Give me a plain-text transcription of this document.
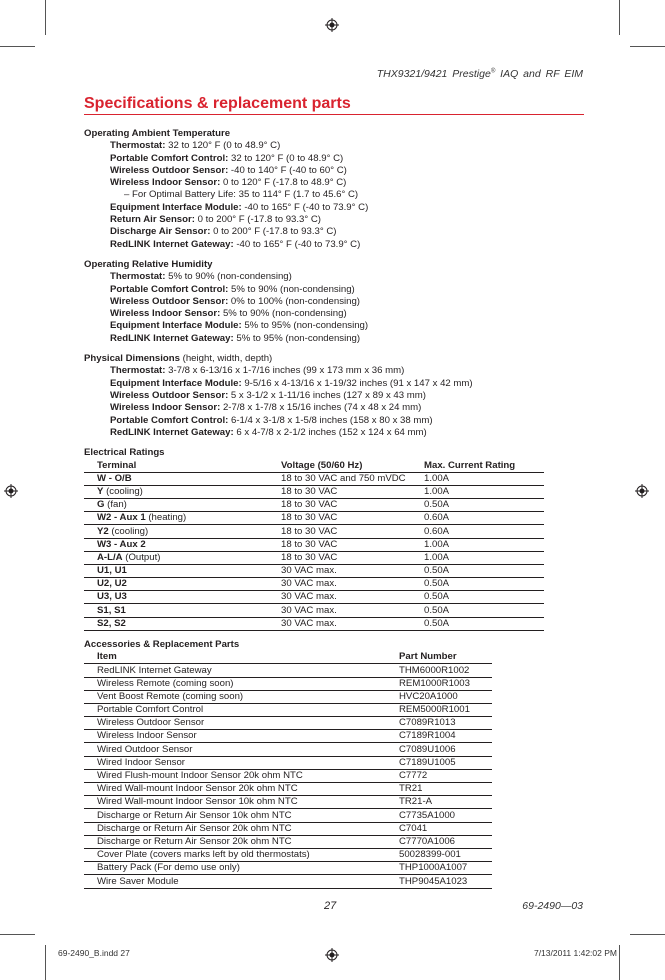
THX9321/9421 Prestige® IAQ and RF EIM
Specifications & replacement parts
Operating Ambient Temperature
Thermostat: 32 to 120° F (0 to 48.9° C)
Portable Comfort Control: 32 to 120° F (0 to 48.9° C)
Wireless Outdoor Sensor: -40 to 140° F (-40 to 60° C)
Wireless Indoor Sensor: 0 to 120° F (-17.8 to 48.9° C)
– For Optimal Battery Life: 35 to 114° F (1.7 to 45.6° C)
Equipment Interface Module: -40 to 165° F (-40 to 73.9° C)
Return Air Sensor: 0 to 200° F (-17.8 to 93.3° C)
Discharge Air Sensor: 0 to 200° F (-17.8 to 93.3° C)
RedLINK Internet Gateway: -40 to 165° F (-40 to 73.9° C)
Operating Relative Humidity
Thermostat: 5% to 90% (non-condensing)
Portable Comfort Control: 5% to 90% (non-condensing)
Wireless Outdoor Sensor: 0% to 100% (non-condensing)
Wireless Indoor Sensor: 5% to 90% (non-condensing)
Equipment Interface Module: 5% to 95% (non-condensing)
RedLINK Internet Gateway: 5% to 95% (non-condensing)
Physical Dimensions (height, width, depth)
Thermostat: 3-7/8 x 6-13/16 x 1-7/16 inches (99 x 173 mm x 36 mm)
Equipment Interface Module: 9-5/16 x 4-13/16 x 1-19/32 inches (91 x 147 x 42 mm)
Wireless Outdoor Sensor: 5 x 3-1/2 x 1-11/16 inches (127 x 89 x 43 mm)
Wireless Indoor Sensor: 2-7/8 x 1-7/8 x 15/16 inches (74 x 48 x 24 mm)
Portable Comfort Control: 6-1/4 x 3-1/8 x 1-5/8 inches (158 x 80 x 38 mm)
RedLINK Internet Gateway: 6 x 4-7/8 x 2-1/2 inches (152 x 124 x 64 mm)
Electrical Ratings
Terminal	Voltage (50/60 Hz)	Max. Current Rating
W - O/B	18 to 30 VAC and 750 mVDC	1.00A
Y (cooling)	18 to 30 VAC	1.00A
G (fan)	18 to 30 VAC	0.50A
W2 - Aux 1 (heating)	18 to 30 VAC	0.60A
Y2 (cooling)	18 to 30 VAC	0.60A
W3 - Aux 2	18 to 30 VAC	1.00A
A-L/A (Output)	18 to 30 VAC	1.00A
U1, U1	30 VAC max.	0.50A
U2, U2	30 VAC max.	0.50A
U3, U3	30 VAC max.	0.50A
S1, S1	30 VAC max.	0.50A
S2, S2	30 VAC max.	0.50A
Accessories & Replacement Parts
Item	Part Number
RedLINK Internet Gateway	THM6000R1002
Wireless Remote (coming soon)	REM1000R1003
Vent Boost Remote (coming soon)	HVC20A1000
Portable Comfort Control	REM5000R1001
Wireless Outdoor Sensor	C7089R1013
Wireless Indoor Sensor	C7189R1004
Wired Outdoor Sensor	C7089U1006
Wired Indoor Sensor	C7189U1005
Wired Flush-mount Indoor Sensor 20k ohm NTC	C7772
Wired Wall-mount Indoor Sensor 20k ohm NTC	TR21
Wired Wall-mount Indoor Sensor 10k ohm NTC	TR21-A
Discharge or Return Air Sensor 10k ohm NTC	C7735A1000
Discharge or Return Air Sensor 20k ohm NTC	C7041
Discharge or Return Air Sensor 20k ohm NTC	C7770A1006
Cover Plate (covers marks left by old thermostats)	50028399-001
Battery Pack (For demo use only)	THP1000A1007
Wire Saver Module	THP9045A1023
27	69-2490—03
69-2490_B.indd 27	7/13/2011 1:42:02 PM
